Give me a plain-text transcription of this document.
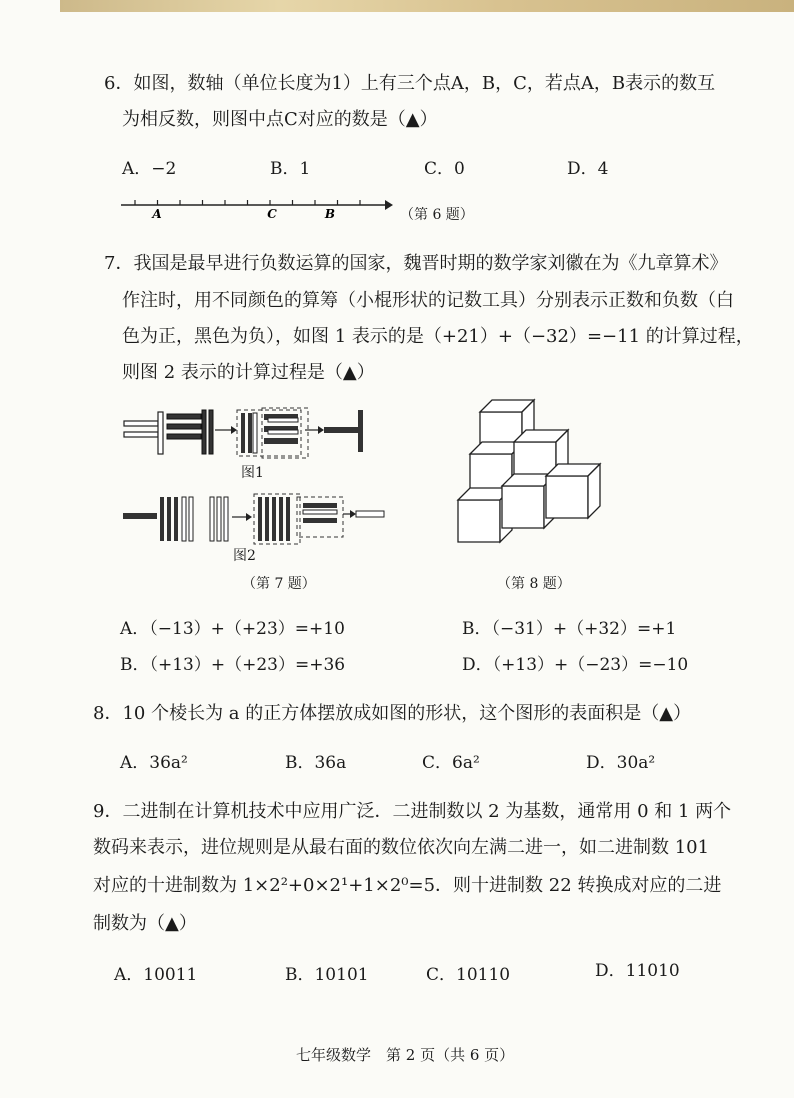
6．如图，数轴（单位长度为1）上有三个点A，B，C，若点A，B表示的数互
为相反数，则图中点C对应的数是（▲）
A．−2	B．1	C．0	D．4
A	C	B	（第 6 题）
7．我国是最早进行负数运算的国家，魏晋时期的数学家刘徽在为《九章算术》
作注时，用不同颜色的算筹（小棍形状的记数工具）分别表示正数和负数（白
色为正，黑色为负），如图 1 表示的是（+21）+（−32）=−11 的计算过程，
则图 2 表示的计算过程是（▲）
图1
图2
（第 7 题）	（第 8 题）
A．（−13）+（+23）=+10	B．（−31）+（+32）=+1
B．（+13）+（+23）=+36	D．（+13）+（−23）=−10
8．10 个棱长为 a 的正方体摆放成如图的形状，这个图形的表面积是（▲）
A．36a²	B．36a	C．6a²	D．30a²
9．二进制在计算机技术中应用广泛．二进制数以 2 为基数，通常用 0 和 1 两个
数码来表示，进位规则是从最右面的数位依次向左满二进一，如二进制数 101
对应的十进制数为 1×2²+0×2¹+1×2⁰=5．则十进制数 22 转换成对应的二进
制数为（▲）
A．10011	B．10101	C．10110	D．11010
七年级数学　第 2 页（共 6 页）
